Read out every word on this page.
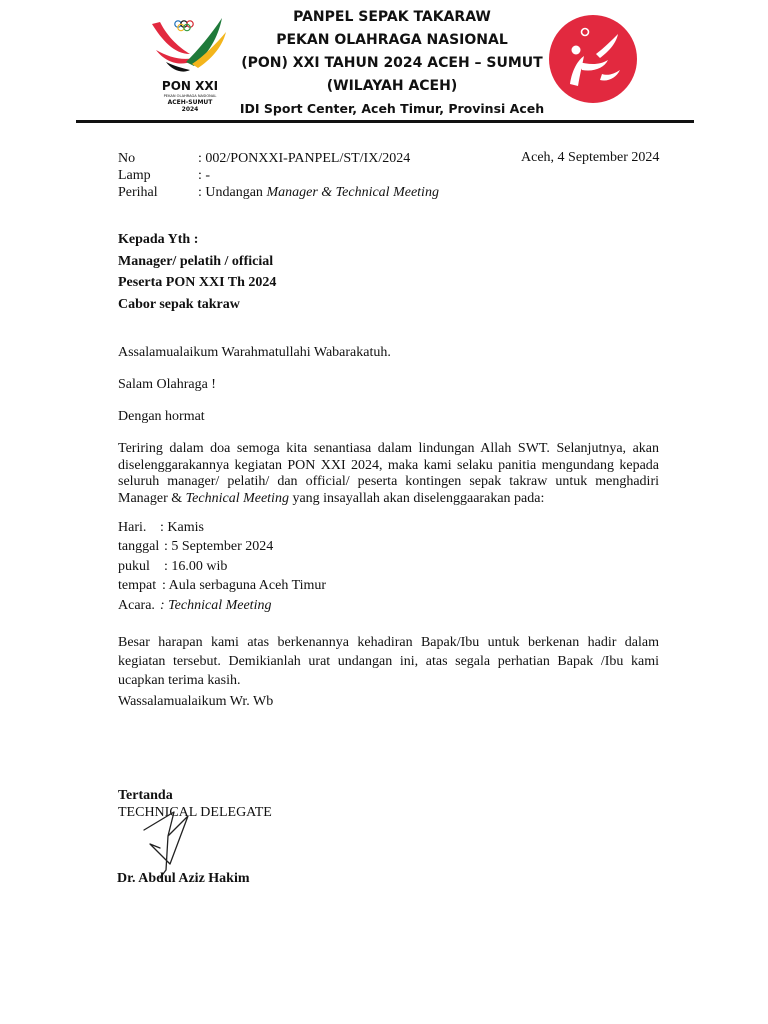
PON XXI
PEKAN OLAHRAGA NASIONAL
ACEH-SUMUT
2024
PANPEL SEPAK TAKARAW
PEKAN OLAHRAGA NASIONAL
(PON) XXI TAHUN 2024 ACEH – SUMUT
(WILAYAH ACEH)
IDI Sport Center, Aceh Timur, Provinsi Aceh
No	: 002/PONXXI-PANPEL/ST/IX/2024
Lamp	: -
Perihal	: Undangan Manager & Technical Meeting
Aceh, 4 September 2024
Kepada Yth :
Manager/ pelatih / official
Peserta PON XXI Th 2024
Cabor sepak takraw
Assalamualaikum Warahmatullahi Wabarakatuh.
Salam Olahraga !
Dengan hormat
Teriring dalam doa semoga kita senantiasa dalam lindungan Allah SWT. Selanjutnya, akan diselenggarakannya kegiatan PON XXI 2024, maka kami selaku panitia mengundang kepada seluruh manager/ pelatih/ dan official/ peserta kontingen sepak takraw untuk menghadiri Manager & Technical Meeting yang insayallah akan diselenggaarakan pada:
Hari. : Kamis
tanggal : 5 September 2024
pukul : 16.00 wib
tempat : Aula serbaguna Aceh Timur
Acara. : Technical Meeting
Besar harapan kami atas berkenannya kehadiran Bapak/Ibu untuk berkenan hadir dalam kegiatan tersebut. Demikianlah urat undangan ini, atas segala perhatian Bapak /Ibu kami ucapkan terima kasih.
Wassalamualaikum Wr. Wb
Tertanda
TECHNICAL DELEGATE
Dr. Abdul Aziz Hakim
